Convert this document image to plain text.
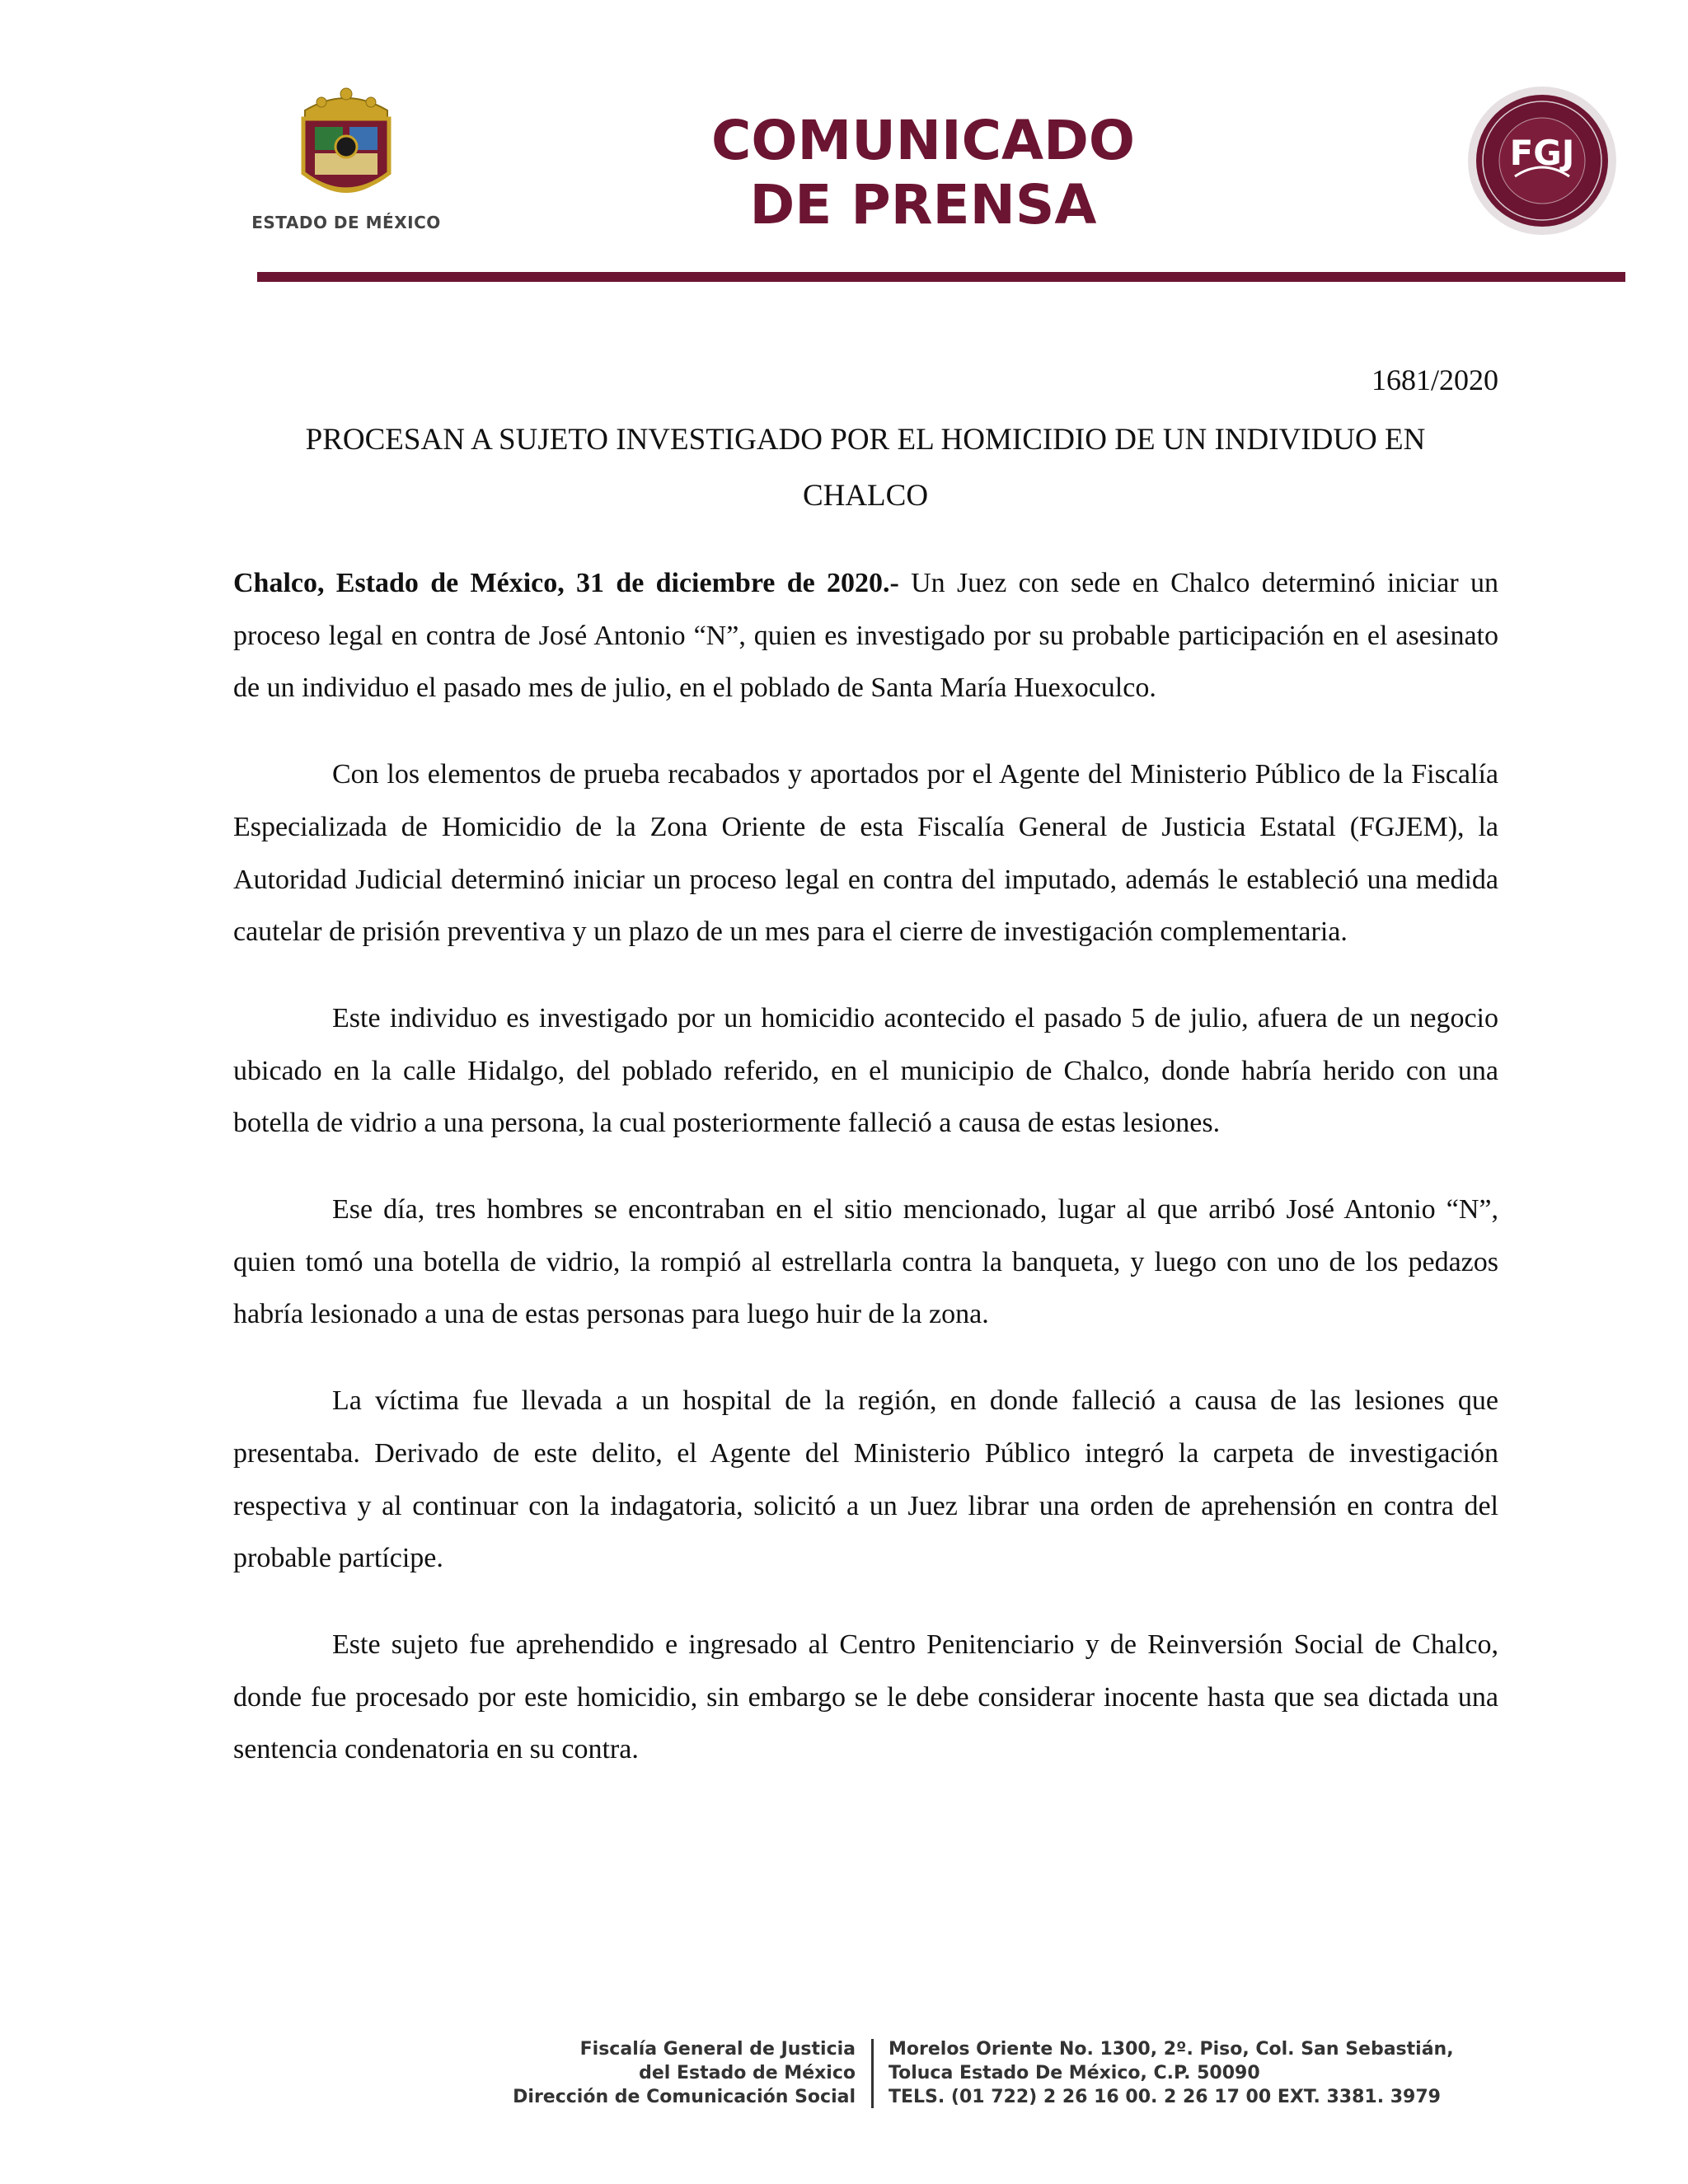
ESTADO DE MÉXICO
COMUNICADO
DE PRENSA
FGJ
1681/2020
PROCESAN A SUJETO INVESTIGADO POR EL HOMICIDIO DE UN INDIVIDUO EN CHALCO

Chalco, Estado de México, 31 de diciembre de 2020.- Un Juez con sede en Chalco determinó iniciar un proceso legal en contra de José Antonio “N”, quien es investigado por su probable participación en el asesinato de un individuo el pasado mes de julio, en el poblado de Santa María Huexoculco.

Con los elementos de prueba recabados y aportados por el Agente del Ministerio Público de la Fiscalía Especializada de Homicidio de la Zona Oriente de esta Fiscalía General de Justicia Estatal (FGJEM), la Autoridad Judicial determinó iniciar un proceso legal en contra del imputado, además le estableció una medida cautelar de prisión preventiva y un plazo de un mes para el cierre de investigación complementaria.

Este individuo es investigado por un homicidio acontecido el pasado 5 de julio, afuera de un negocio ubicado en la calle Hidalgo, del poblado referido, en el municipio de Chalco, donde habría herido con una botella de vidrio a una persona, la cual posteriormente falleció a causa de estas lesiones.

Ese día, tres hombres se encontraban en el sitio mencionado, lugar al que arribó José Antonio “N”, quien tomó una botella de vidrio, la rompió al estrellarla contra la banqueta, y luego con uno de los pedazos habría lesionado a una de estas personas para luego huir de la zona.

La víctima fue llevada a un hospital de la región, en donde falleció a causa de las lesiones que presentaba. Derivado de este delito, el Agente del Ministerio Público integró la carpeta de investigación respectiva y al continuar con la indagatoria, solicitó a un Juez librar una orden de aprehensión en contra del probable partícipe.

Este sujeto fue aprehendido e ingresado al Centro Penitenciario y de Reinversión Social de Chalco, donde fue procesado por este homicidio, sin embargo se le debe considerar inocente hasta que sea dictada una sentencia condenatoria en su contra.

Fiscalía General de Justicia
del Estado de México
Dirección de Comunicación Social
Morelos Oriente No. 1300, 2º. Piso, Col. San Sebastián,
Toluca Estado De México, C.P. 50090
TELS. (01 722) 2 26 16 00. 2 26 17 00 EXT. 3381. 3979
